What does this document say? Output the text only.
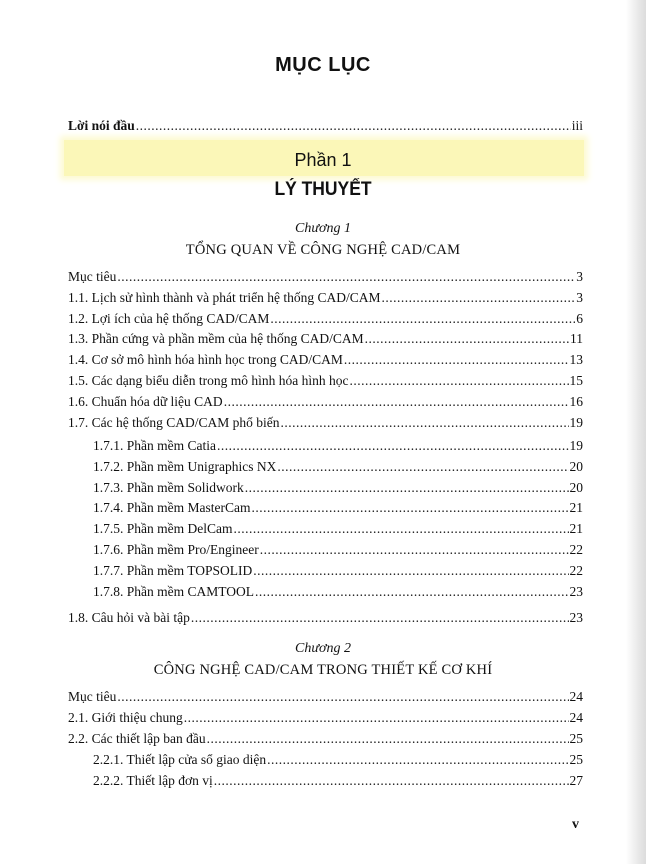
MỤC LỤC
Lời nói đầu .....	iii
Phần 1
LÝ THUYẾT
Chương 1
TỔNG QUAN VỀ CÔNG NGHỆ CAD/CAM
Mục tiêu .....	3
1.1. Lịch sử hình thành và phát triển hệ thống CAD/CAM .....	3
1.2. Lợi ích của hệ thống CAD/CAM .....	6
1.3. Phần cứng và phần mềm của hệ thống CAD/CAM .....	11
1.4. Cơ sở mô hình hóa hình học trong CAD/CAM .....	13
1.5. Các dạng biểu diễn trong mô hình hóa hình học .....	15
1.6. Chuẩn hóa dữ liệu CAD .....	16
1.7. Các hệ thống CAD/CAM phổ biến .....	19
1.7.1. Phần mềm Catia .....	19
1.7.2. Phần mềm Unigraphics NX .....	20
1.7.3. Phần mềm Solidwork .....	20
1.7.4. Phần mềm MasterCam .....	21
1.7.5. Phần mềm DelCam .....	21
1.7.6. Phần mềm Pro/Engineer .....	22
1.7.7. Phần mềm TOPSOLID .....	22
1.7.8. Phần mềm CAMTOOL .....	23
1.8. Câu hỏi và bài tập .....	23
Chương 2
CÔNG NGHỆ CAD/CAM TRONG THIẾT KẾ CƠ KHÍ
Mục tiêu .....	24
2.1. Giới thiệu chung .....	24
2.2. Các thiết lập ban đầu .....	25
2.2.1. Thiết lập cửa sổ giao diện .....	25
2.2.2. Thiết lập đơn vị .....	27
v
